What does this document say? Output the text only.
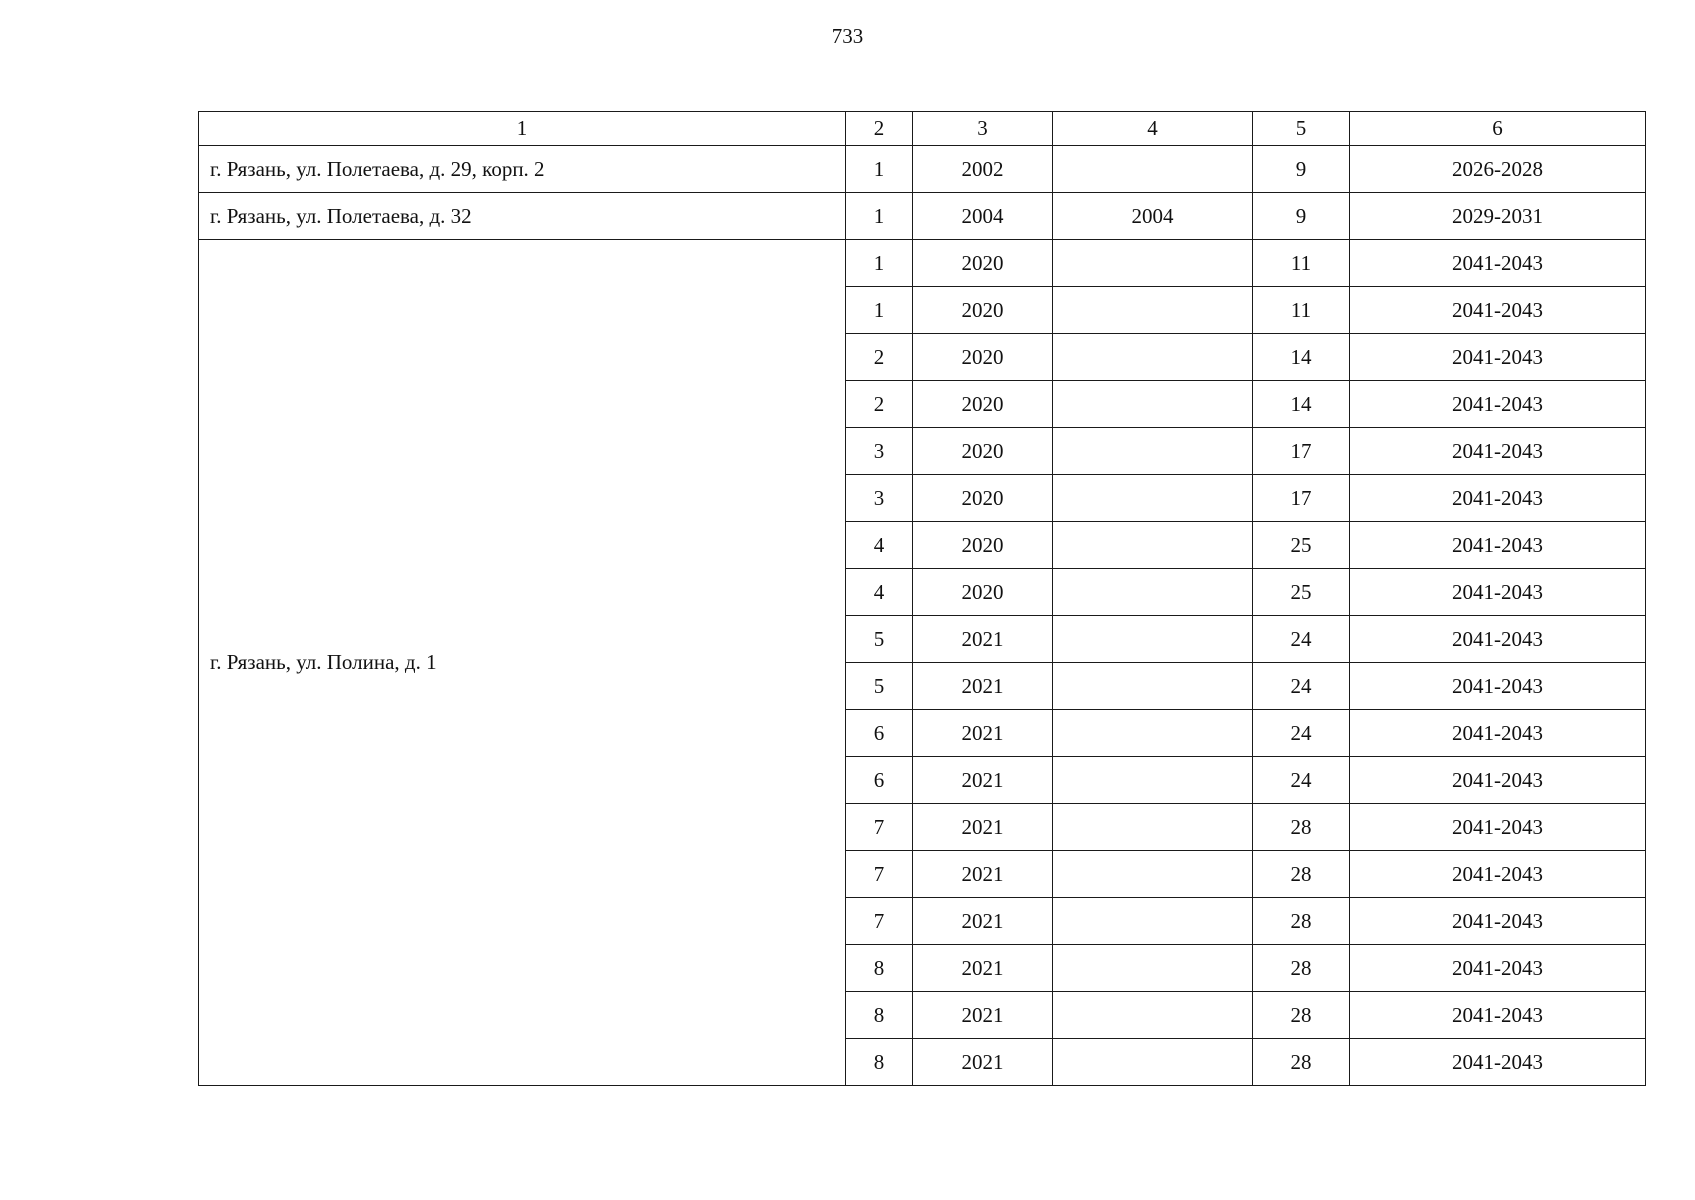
733
1	2	3	4	5	6
г. Рязань, ул. Полетаева, д. 29, корп. 2	1	2002		9	2026-2028
г. Рязань, ул. Полетаева, д. 32	1	2004	2004	9	2029-2031
г. Рязань, ул. Полина, д. 1	1	2020		11	2041-2043
	1	2020		11	2041-2043
	2	2020		14	2041-2043
	2	2020		14	2041-2043
	3	2020		17	2041-2043
	3	2020		17	2041-2043
	4	2020		25	2041-2043
	4	2020		25	2041-2043
	5	2021		24	2041-2043
	5	2021		24	2041-2043
	6	2021		24	2041-2043
	6	2021		24	2041-2043
	7	2021		28	2041-2043
	7	2021		28	2041-2043
	7	2021		28	2041-2043
	8	2021		28	2041-2043
	8	2021		28	2041-2043
	8	2021		28	2041-2043
